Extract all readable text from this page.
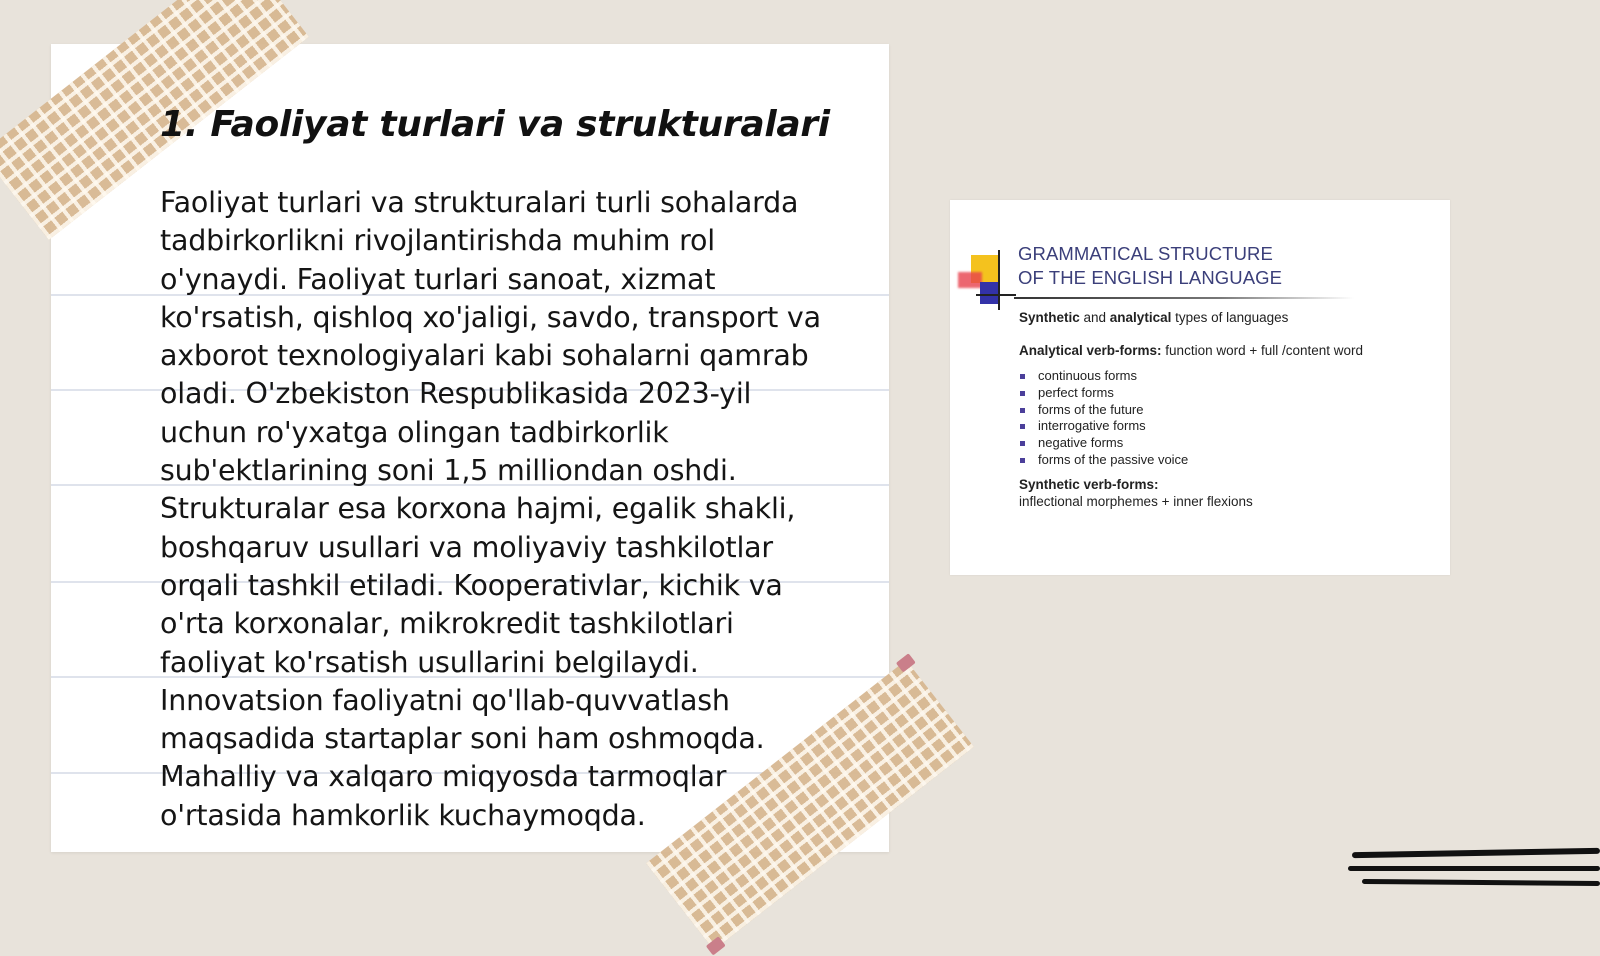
1. Faoliyat turlari va strukturalari

Faoliyat turlari va strukturalari turli sohalarda tadbirkorlikni rivojlantirishda muhim rol o'ynaydi. Faoliyat turlari sanoat, xizmat ko'rsatish, qishloq xo'jaligi, savdo, transport va axborot texnologiyalari kabi sohalarni qamrab oladi. O'zbekiston Respublikasida 2023-yil uchun ro'yxatga olingan tadbirkorlik sub'ektlarining soni 1,5 milliondan oshdi. Strukturalar esa korxona hajmi, egalik shakli, boshqaruv usullari va moliyaviy tashkilotlar orqali tashkil etiladi. Kooperativlar, kichik va o'rta korxonalar, mikrokredit tashkilotlari faoliyat ko'rsatish usullarini belgilaydi. Innovatsion faoliyatni qo'llab-quvvatlash maqsadida startaplar soni ham oshmoqda. Mahalliy va xalqaro miqyosda tarmoqlar o'rtasida hamkorlik kuchaymoqda.

GRAMMATICAL STRUCTURE
OF THE ENGLISH LANGUAGE
Synthetic and analytical types of languages
Analytical verb-forms: function word + full /content word
continuous forms
perfect forms
forms of the future
interrogative forms
negative forms
forms of the passive voice
Synthetic verb-forms:
inflectional morphemes + inner flexions
